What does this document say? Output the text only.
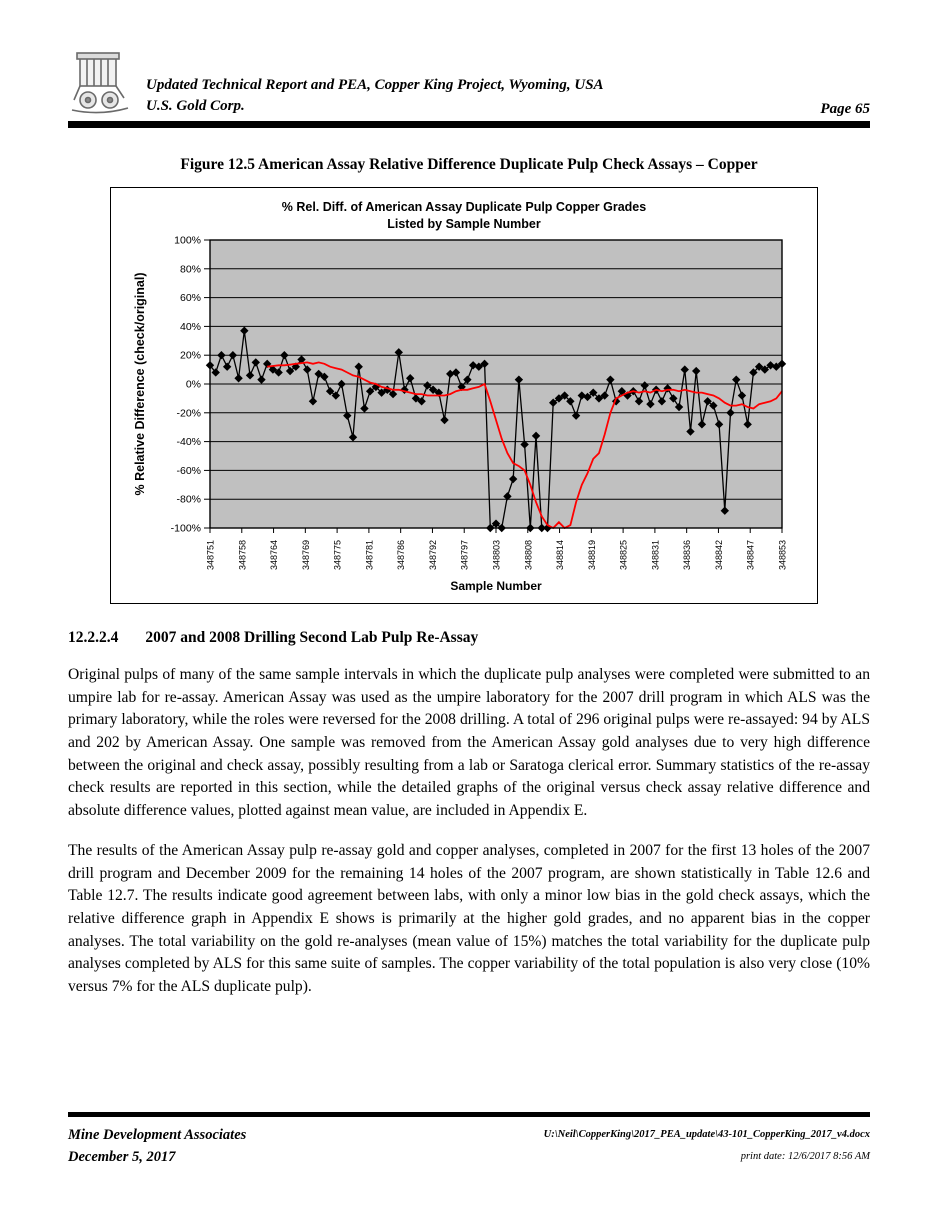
Updated Technical Report and PEA, Copper King Project, Wyoming, USA
U.S. Gold Corp.	Page 65
Figure 12.5 American Assay Relative Difference Duplicate Pulp Check Assays – Copper
% Rel. Diff. of American Assay Duplicate Pulp Copper Grades
Listed by Sample Number
100%
80%
60%
40%
20%
0%
-20%
-40%
-60%
-80%
-100%
348751 348758 348764 348769 348775 348781 348786 348792 348797 348803 348808 348814 348819 348825 348831 348836 348842 348847 348853
% Relative Difference (check/original)
Sample Number
12.2.2.4 2007 and 2008 Drilling Second Lab Pulp Re-Assay

Original pulps of many of the same sample intervals in which the duplicate pulp analyses were completed were submitted to an umpire lab for re-assay. American Assay was used as the umpire laboratory for the 2007 drill program in which ALS was the primary laboratory, while the roles were reversed for the 2008 drilling. A total of 296 original pulps were re-assayed: 94 by ALS and 202 by American Assay. One sample was removed from the American Assay gold analyses due to very high difference between the original and check assay, possibly resulting from a lab or Saratoga clerical error. Summary statistics of the re-assay check results are reported in this section, while the detailed graphs of the original versus check assay relative difference and absolute difference values, plotted against mean value, are included in Appendix E.

The results of the American Assay pulp re-assay gold and copper analyses, completed in 2007 for the first 13 holes of the 2007 drill program and December 2009 for the remaining 14 holes of the 2007 program, are shown statistically in Table 12.6 and Table 12.7. The results indicate good agreement between labs, with only a minor low bias in the gold check assays, which the relative difference graph in Appendix E shows is primarily at the higher gold grades, and no apparent bias in the copper analyses. The total variability on the gold re-analyses (mean value of 15%) matches the total variability for the duplicate pulp analyses completed by ALS for this same suite of samples. The copper variability of the total population is also very close (10% versus 7% for the ALS duplicate pulp).

Mine Development Associates
December 5, 2017
U:\Neil\CopperKing\2017_PEA_update\43-101_CopperKing_2017_v4.docx
print date: 12/6/2017 8:56 AM
